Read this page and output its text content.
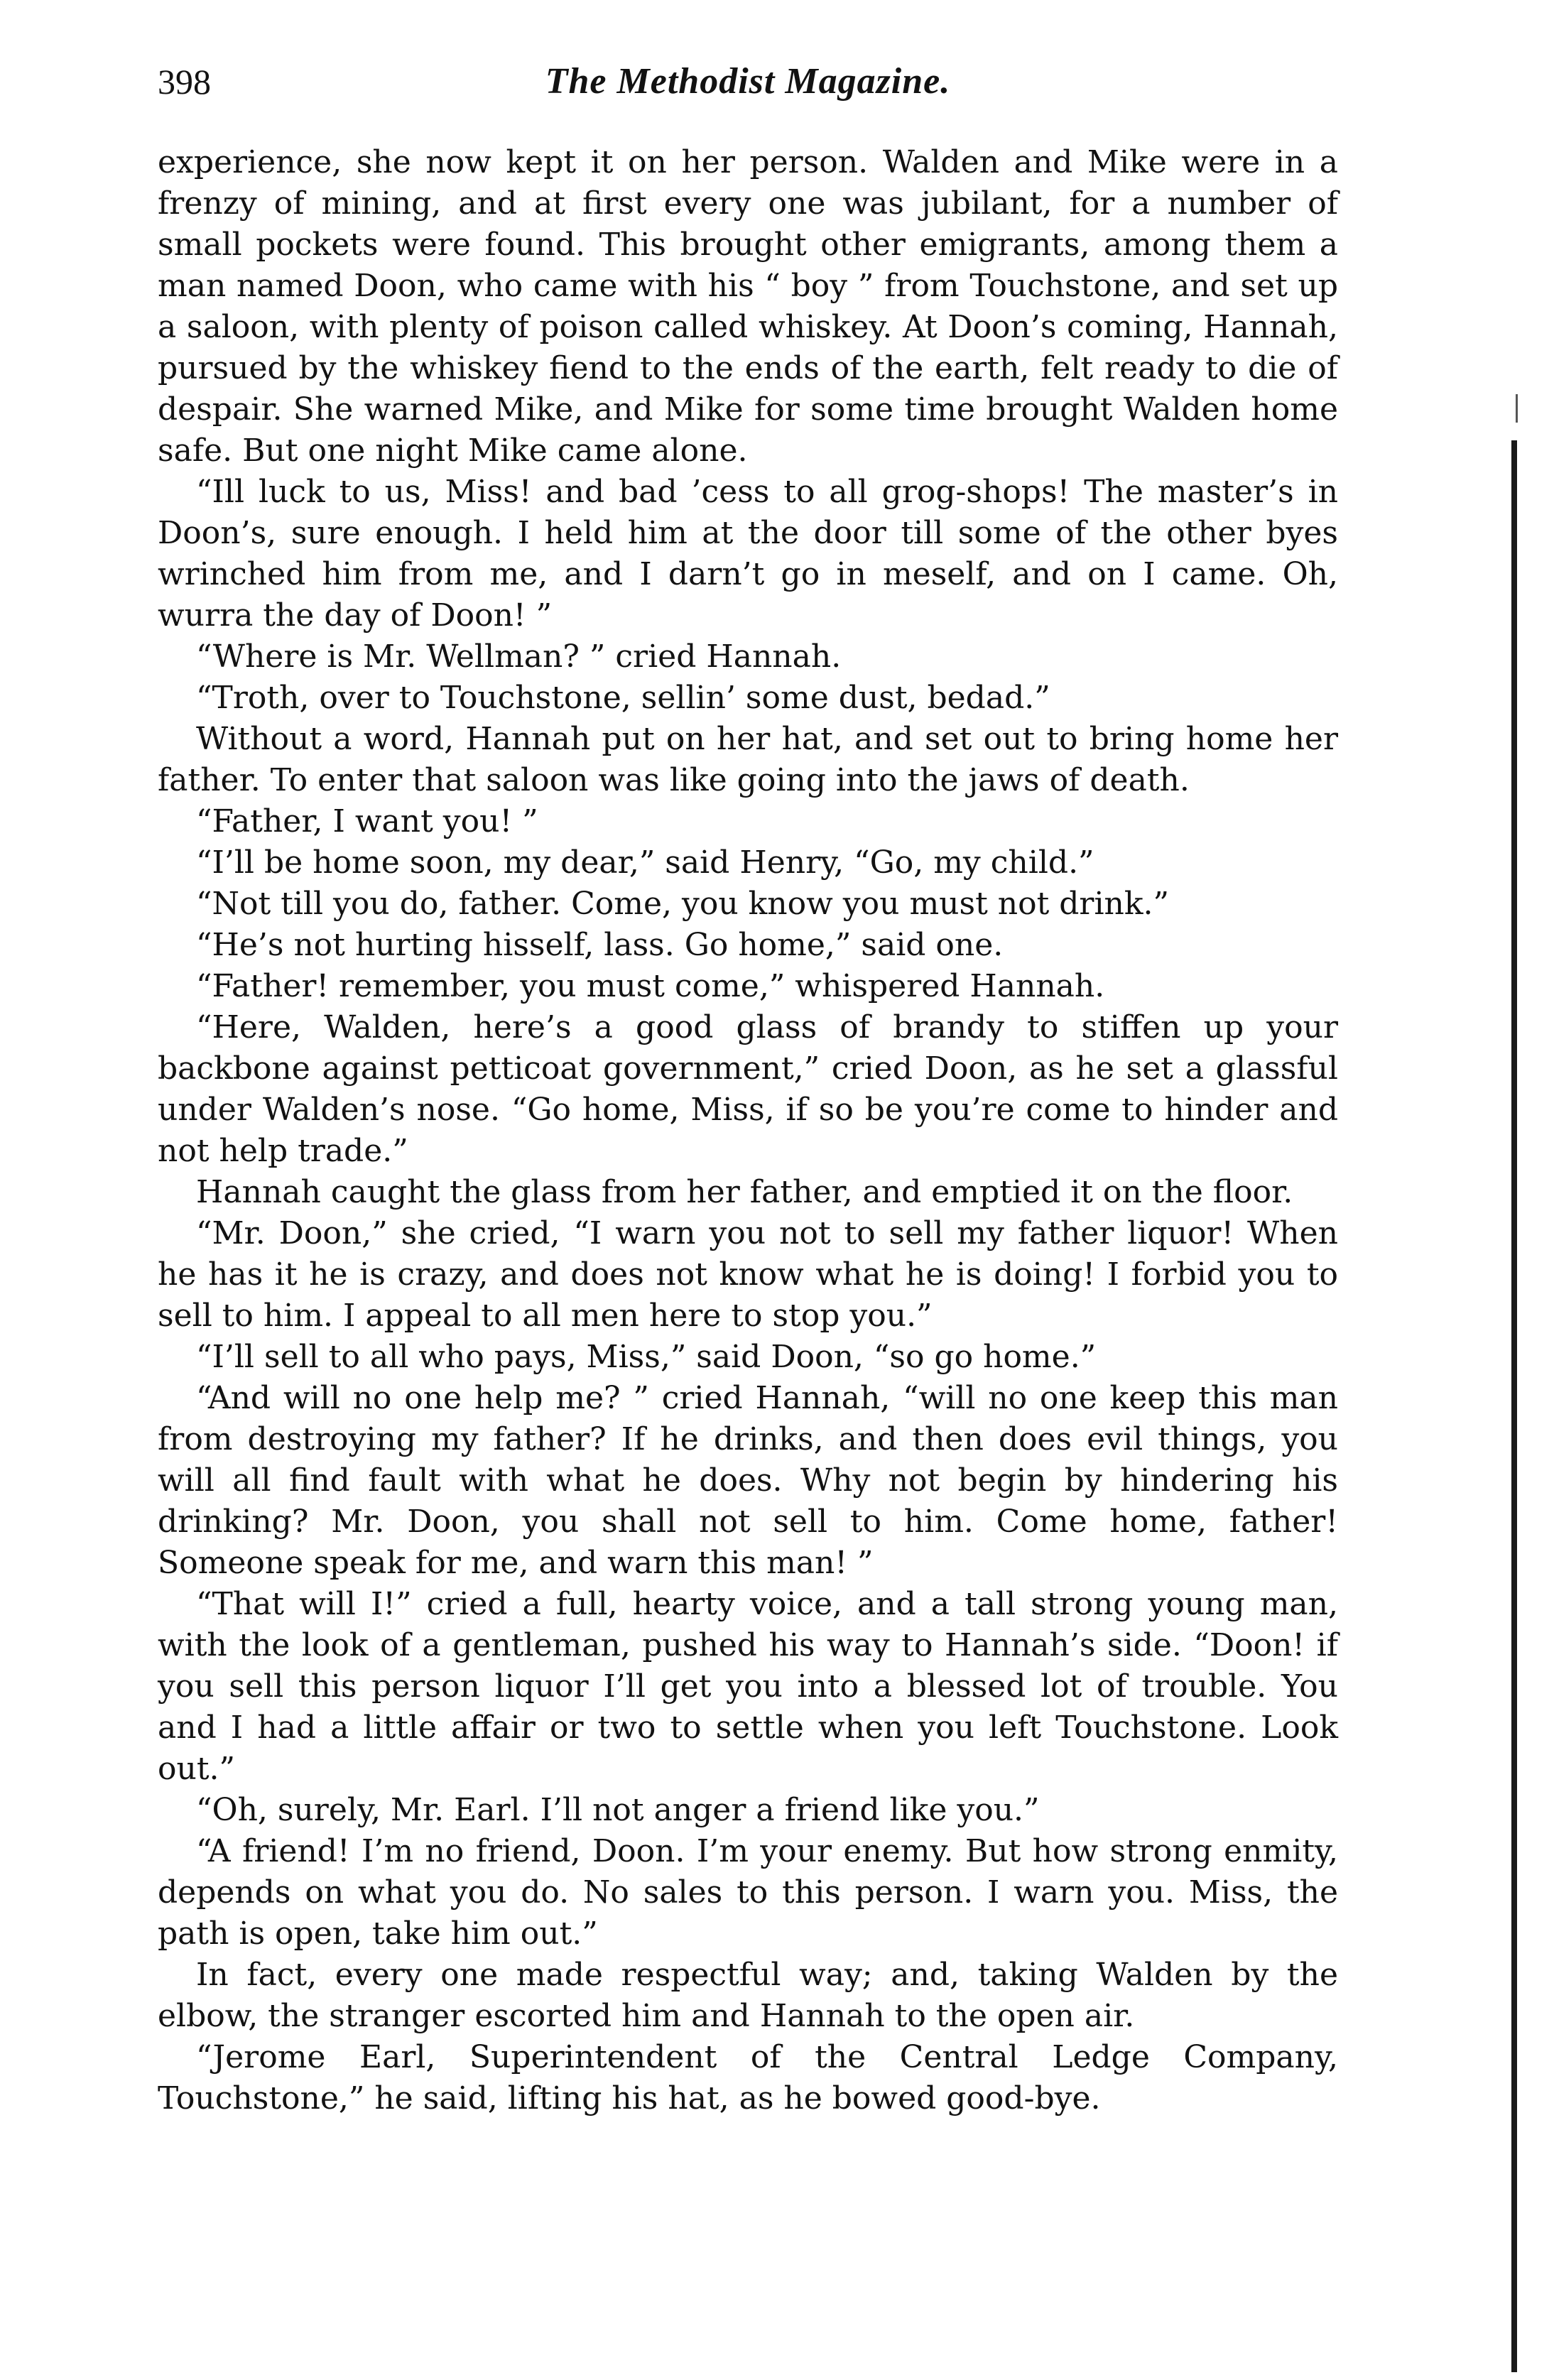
398	The Methodist Magazine.

experience, she now kept it on her person. Walden and Mike were in a frenzy of mining, and at first every one was jubilant, for a number of small pockets were found. This brought other emigrants, among them a man named Doon, who came with his “ boy ” from Touchstone, and set up a saloon, with plenty of poison called whiskey. At Doon’s coming, Hannah, pursued by the whiskey fiend to the ends of the earth, felt ready to die of despair. She warned Mike, and Mike for some time brought Walden home safe. But one night Mike came alone.

“Ill luck to us, Miss! and bad ’cess to all grog-shops! The master’s in Doon’s, sure enough. I held him at the door till some of the other byes wrinched him from me, and I darn’t go in meself, and on I came. Oh, wurra the day of Doon! ”

“Where is Mr. Wellman? ” cried Hannah.

“Troth, over to Touchstone, sellin’ some dust, bedad.”

Without a word, Hannah put on her hat, and set out to bring home her father. To enter that saloon was like going into the jaws of death.

“Father, I want you! ”

“I’ll be home soon, my dear,” said Henry, “Go, my child.”

“Not till you do, father. Come, you know you must not drink.”

“He’s not hurting hisself, lass. Go home,” said one.

“Father! remember, you must come,” whispered Hannah.

“Here, Walden, here’s a good glass of brandy to stiffen up your backbone against petticoat government,” cried Doon, as he set a glassful under Walden’s nose. “Go home, Miss, if so be you’re come to hinder and not help trade.”

Hannah caught the glass from her father, and emptied it on the floor.

“Mr. Doon,” she cried, “I warn you not to sell my father liquor! When he has it he is crazy, and does not know what he is doing! I forbid you to sell to him. I appeal to all men here to stop you.”

“I’ll sell to all who pays, Miss,” said Doon, “so go home.”

“And will no one help me? ” cried Hannah, “will no one keep this man from destroying my father? If he drinks, and then does evil things, you will all find fault with what he does. Why not begin by hindering his drinking? Mr. Doon, you shall not sell to him. Come home, father! Someone speak for me, and warn this man! ”

“That will I!” cried a full, hearty voice, and a tall strong young man, with the look of a gentleman, pushed his way to Hannah’s side. “Doon! if you sell this person liquor I’ll get you into a blessed lot of trouble. You and I had a little affair or two to settle when you left Touchstone. Look out.”

“Oh, surely, Mr. Earl. I’ll not anger a friend like you.”

“A friend! I’m no friend, Doon. I’m your enemy. But how strong enmity, depends on what you do. No sales to this person. I warn you. Miss, the path is open, take him out.”

In fact, every one made respectful way; and, taking Walden by the elbow, the stranger escorted him and Hannah to the open air.

“Jerome Earl, Superintendent of the Central Ledge Company, Touchstone,” he said, lifting his hat, as he bowed good-bye.
